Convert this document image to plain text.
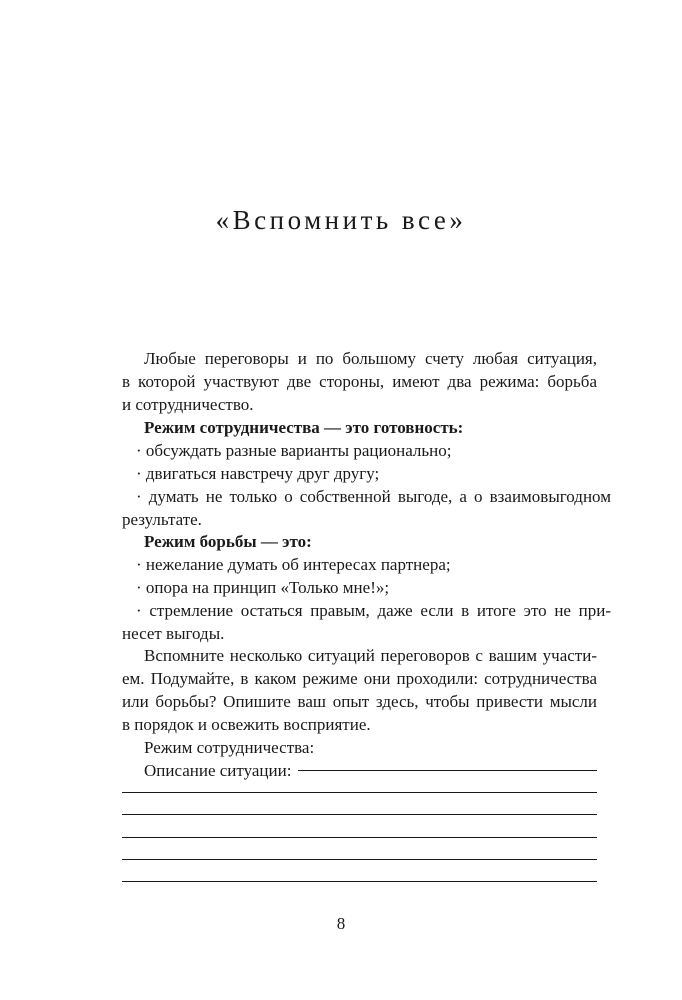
«Вспомнить все»

Любые переговоры и по большому счету любая ситуация,

в которой участвуют две стороны, имеют два режима: борьба

и сотрудничество.

Режим сотрудничества — это готовность:

· обсуждать разные варианты рационально;

· двигаться навстречу друг другу;

· думать не только о собственной выгоде, а о взаимовыгодном

результате.

Режим борьбы — это:

· нежелание думать об интересах партнера;

· опора на принцип «Только мне!»;

· стремление остаться правым, даже если в итоге это не при-

несет выгоды.

Вспомните несколько ситуаций переговоров с вашим участи-

ем. Подумайте, в каком режиме они проходили: сотрудничества

или борьбы? Опишите ваш опыт здесь, чтобы привести мысли

в порядок и освежить восприятие.

Режим сотрудничества:

Описание ситуации:

8
